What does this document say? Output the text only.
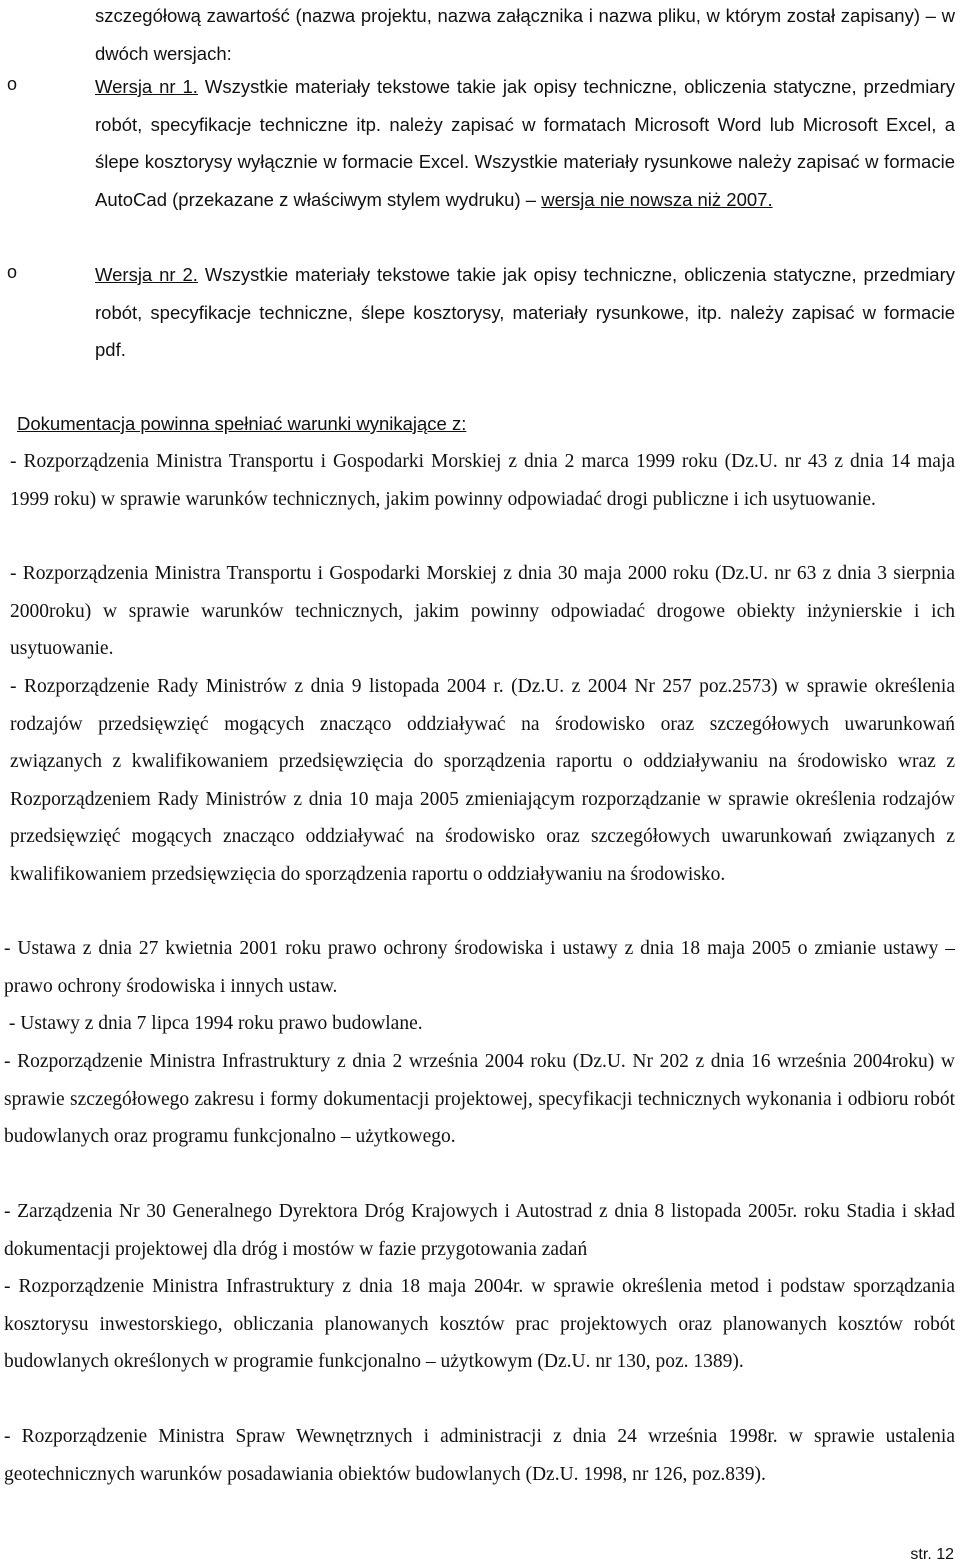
szczegółową zawartość (nazwa projektu, nazwa załącznika i nazwa pliku, w którym został zapisany) – w dwóch wersjach:
o	Wersja nr 1. Wszystkie materiały tekstowe takie jak opisy techniczne, obliczenia statyczne, przedmiary robót, specyfikacje techniczne itp. należy zapisać w formatach Microsoft Word lub Microsoft Excel, a ślepe kosztorysy wyłącznie w formacie Excel. Wszystkie materiały rysunkowe należy zapisać w formacie AutoCad (przekazane z właściwym stylem wydruku) – wersja nie nowsza niż 2007.
o	Wersja nr 2. Wszystkie materiały tekstowe takie jak opisy techniczne, obliczenia statyczne, przedmiary robót, specyfikacje techniczne, ślepe kosztorysy, materiały rysunkowe, itp. należy zapisać w formacie pdf.
Dokumentacja powinna spełniać warunki wynikające z:
- Rozporządzenia Ministra Transportu i Gospodarki Morskiej z dnia 2 marca 1999 roku (Dz.U. nr 43 z dnia 14 maja 1999 roku) w sprawie warunków technicznych, jakim powinny odpowiadać drogi publiczne i ich usytuowanie.
- Rozporządzenia Ministra Transportu i Gospodarki Morskiej z dnia 30 maja 2000 roku (Dz.U. nr 63 z dnia 3 sierpnia 2000roku) w sprawie warunków technicznych, jakim powinny odpowiadać drogowe obiekty inżynierskie i ich usytuowanie.
- Rozporządzenie Rady Ministrów z dnia 9 listopada 2004 r. (Dz.U. z 2004 Nr 257 poz.2573) w sprawie określenia rodzajów przedsięwzięć mogących znacząco oddziaływać na środowisko oraz szczegółowych uwarunkowań związanych z kwalifikowaniem przedsięwzięcia do sporządzenia raportu o oddziaływaniu na środowisko wraz z Rozporządzeniem Rady Ministrów z dnia 10 maja 2005 zmieniającym rozporządzanie w sprawie określenia rodzajów przedsięwzięć mogących znacząco oddziaływać na środowisko oraz szczegółowych uwarunkowań związanych z kwalifikowaniem przedsięwzięcia do sporządzenia raportu o oddziaływaniu na środowisko.
- Ustawa z dnia 27 kwietnia 2001 roku prawo ochrony środowiska i ustawy z dnia 18 maja 2005 o zmianie ustawy – prawo ochrony środowiska i innych ustaw.
- Ustawy z dnia 7 lipca 1994 roku prawo budowlane.
- Rozporządzenie Ministra Infrastruktury z dnia 2 września 2004 roku (Dz.U. Nr 202 z dnia 16 września 2004roku) w sprawie szczegółowego zakresu i formy dokumentacji projektowej, specyfikacji technicznych wykonania i odbioru robót budowlanych oraz programu funkcjonalno – użytkowego.
- Zarządzenia Nr 30 Generalnego Dyrektora Dróg Krajowych i Autostrad z dnia 8 listopada 2005r. roku Stadia i skład dokumentacji projektowej dla dróg i mostów w fazie przygotowania zadań
- Rozporządzenie Ministra Infrastruktury z dnia 18 maja 2004r. w sprawie określenia metod i podstaw sporządzania kosztorysu inwestorskiego, obliczania planowanych kosztów prac projektowych oraz planowanych kosztów robót budowlanych określonych w programie funkcjonalno – użytkowym (Dz.U. nr 130, poz. 1389).
- Rozporządzenie Ministra Spraw Wewnętrznych i administracji z dnia 24 września 1998r. w sprawie ustalenia geotechnicznych warunków posadawiania obiektów budowlanych (Dz.U. 1998, nr 126, poz.839).
str. 12
